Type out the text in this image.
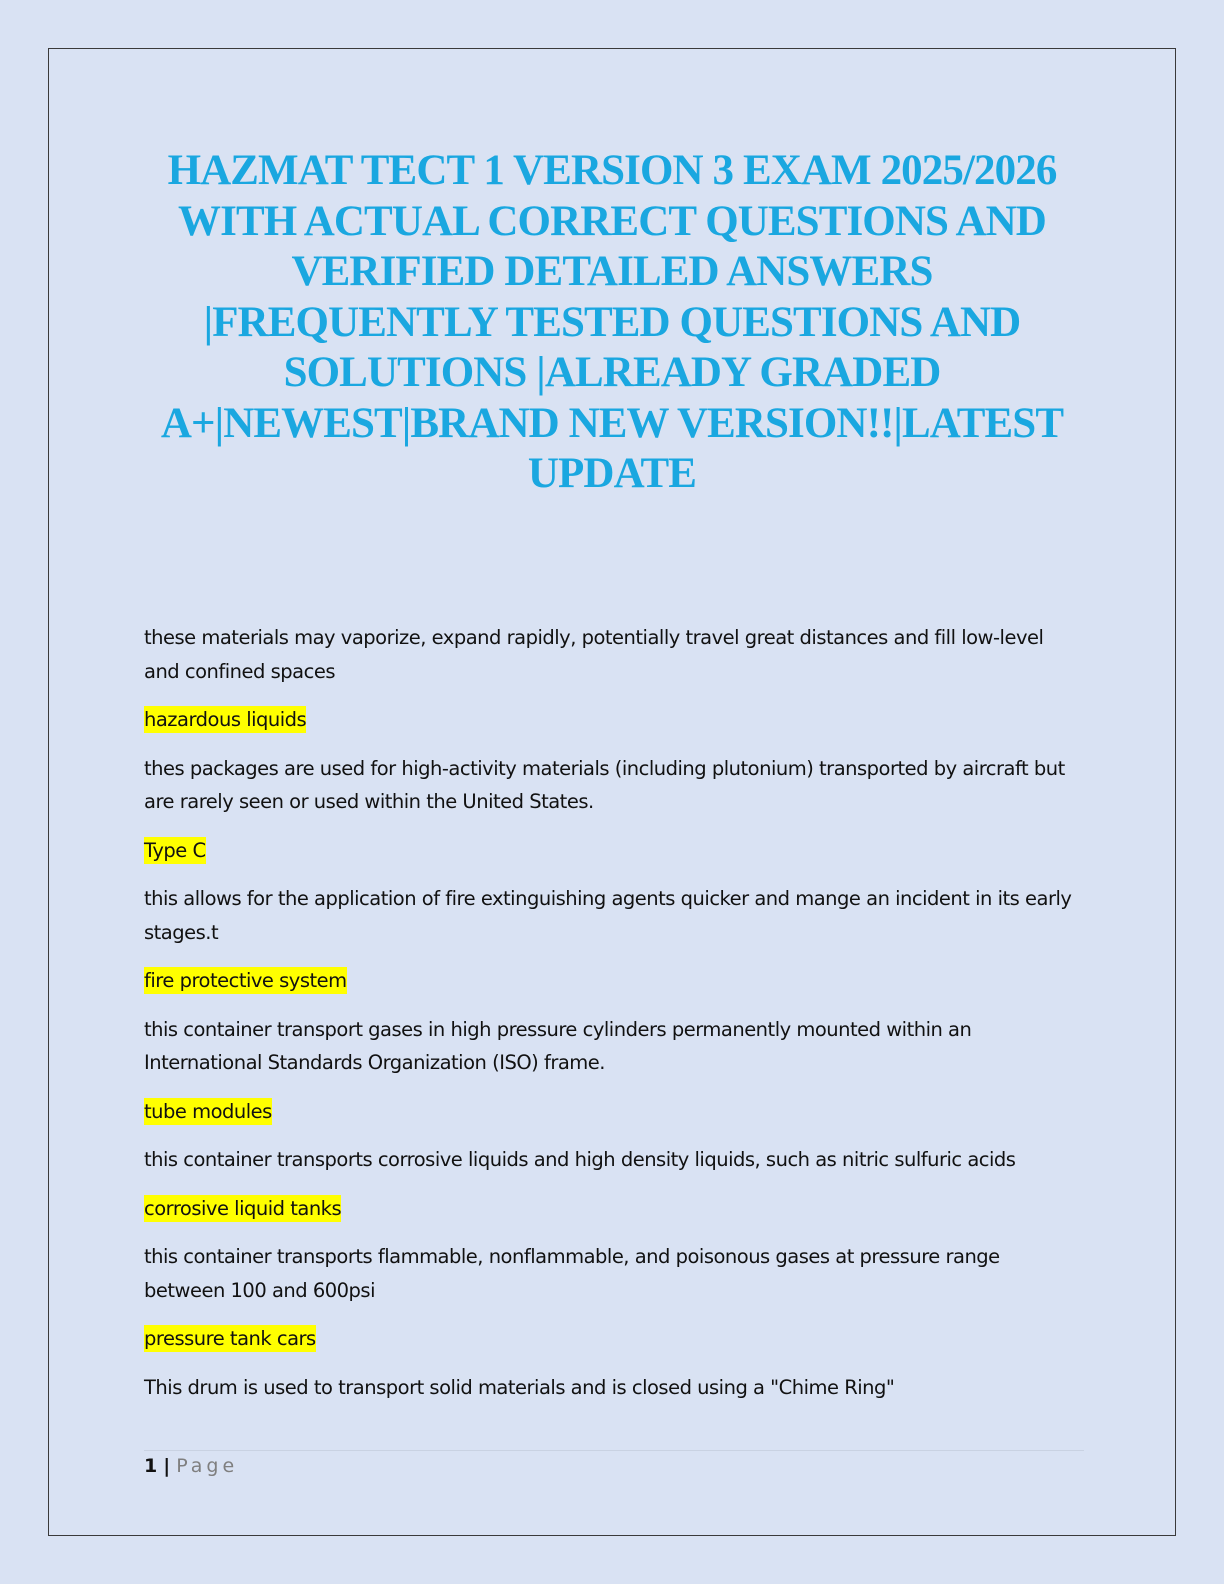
HAZMAT TECT 1 VERSION 3 EXAM 2025/2026
WITH ACTUAL CORRECT QUESTIONS AND
VERIFIED DETAILED ANSWERS
|FREQUENTLY TESTED QUESTIONS AND
SOLUTIONS |ALREADY GRADED
A+|NEWEST|BRAND NEW VERSION!!|LATEST
UPDATE

these materials may vaporize, expand rapidly, potentially travel great distances and fill low-level and confined spaces

hazardous liquids

thes packages are used for high-activity materials (including plutonium) transported by aircraft but are rarely seen or used within the United States.

Type C

this allows for the application of fire extinguishing agents quicker and mange an incident in its early stages.t

fire protective system

this container transport gases in high pressure cylinders permanently mounted within an International Standards Organization (ISO) frame.

tube modules

this container transports corrosive liquids and high density liquids, such as nitric sulfuric acids

corrosive liquid tanks

this container transports flammable, nonflammable, and poisonous gases at pressure range between 100 and 600psi

pressure tank cars

This drum is used to transport solid materials and is closed using a "Chime Ring"

1 | Page
